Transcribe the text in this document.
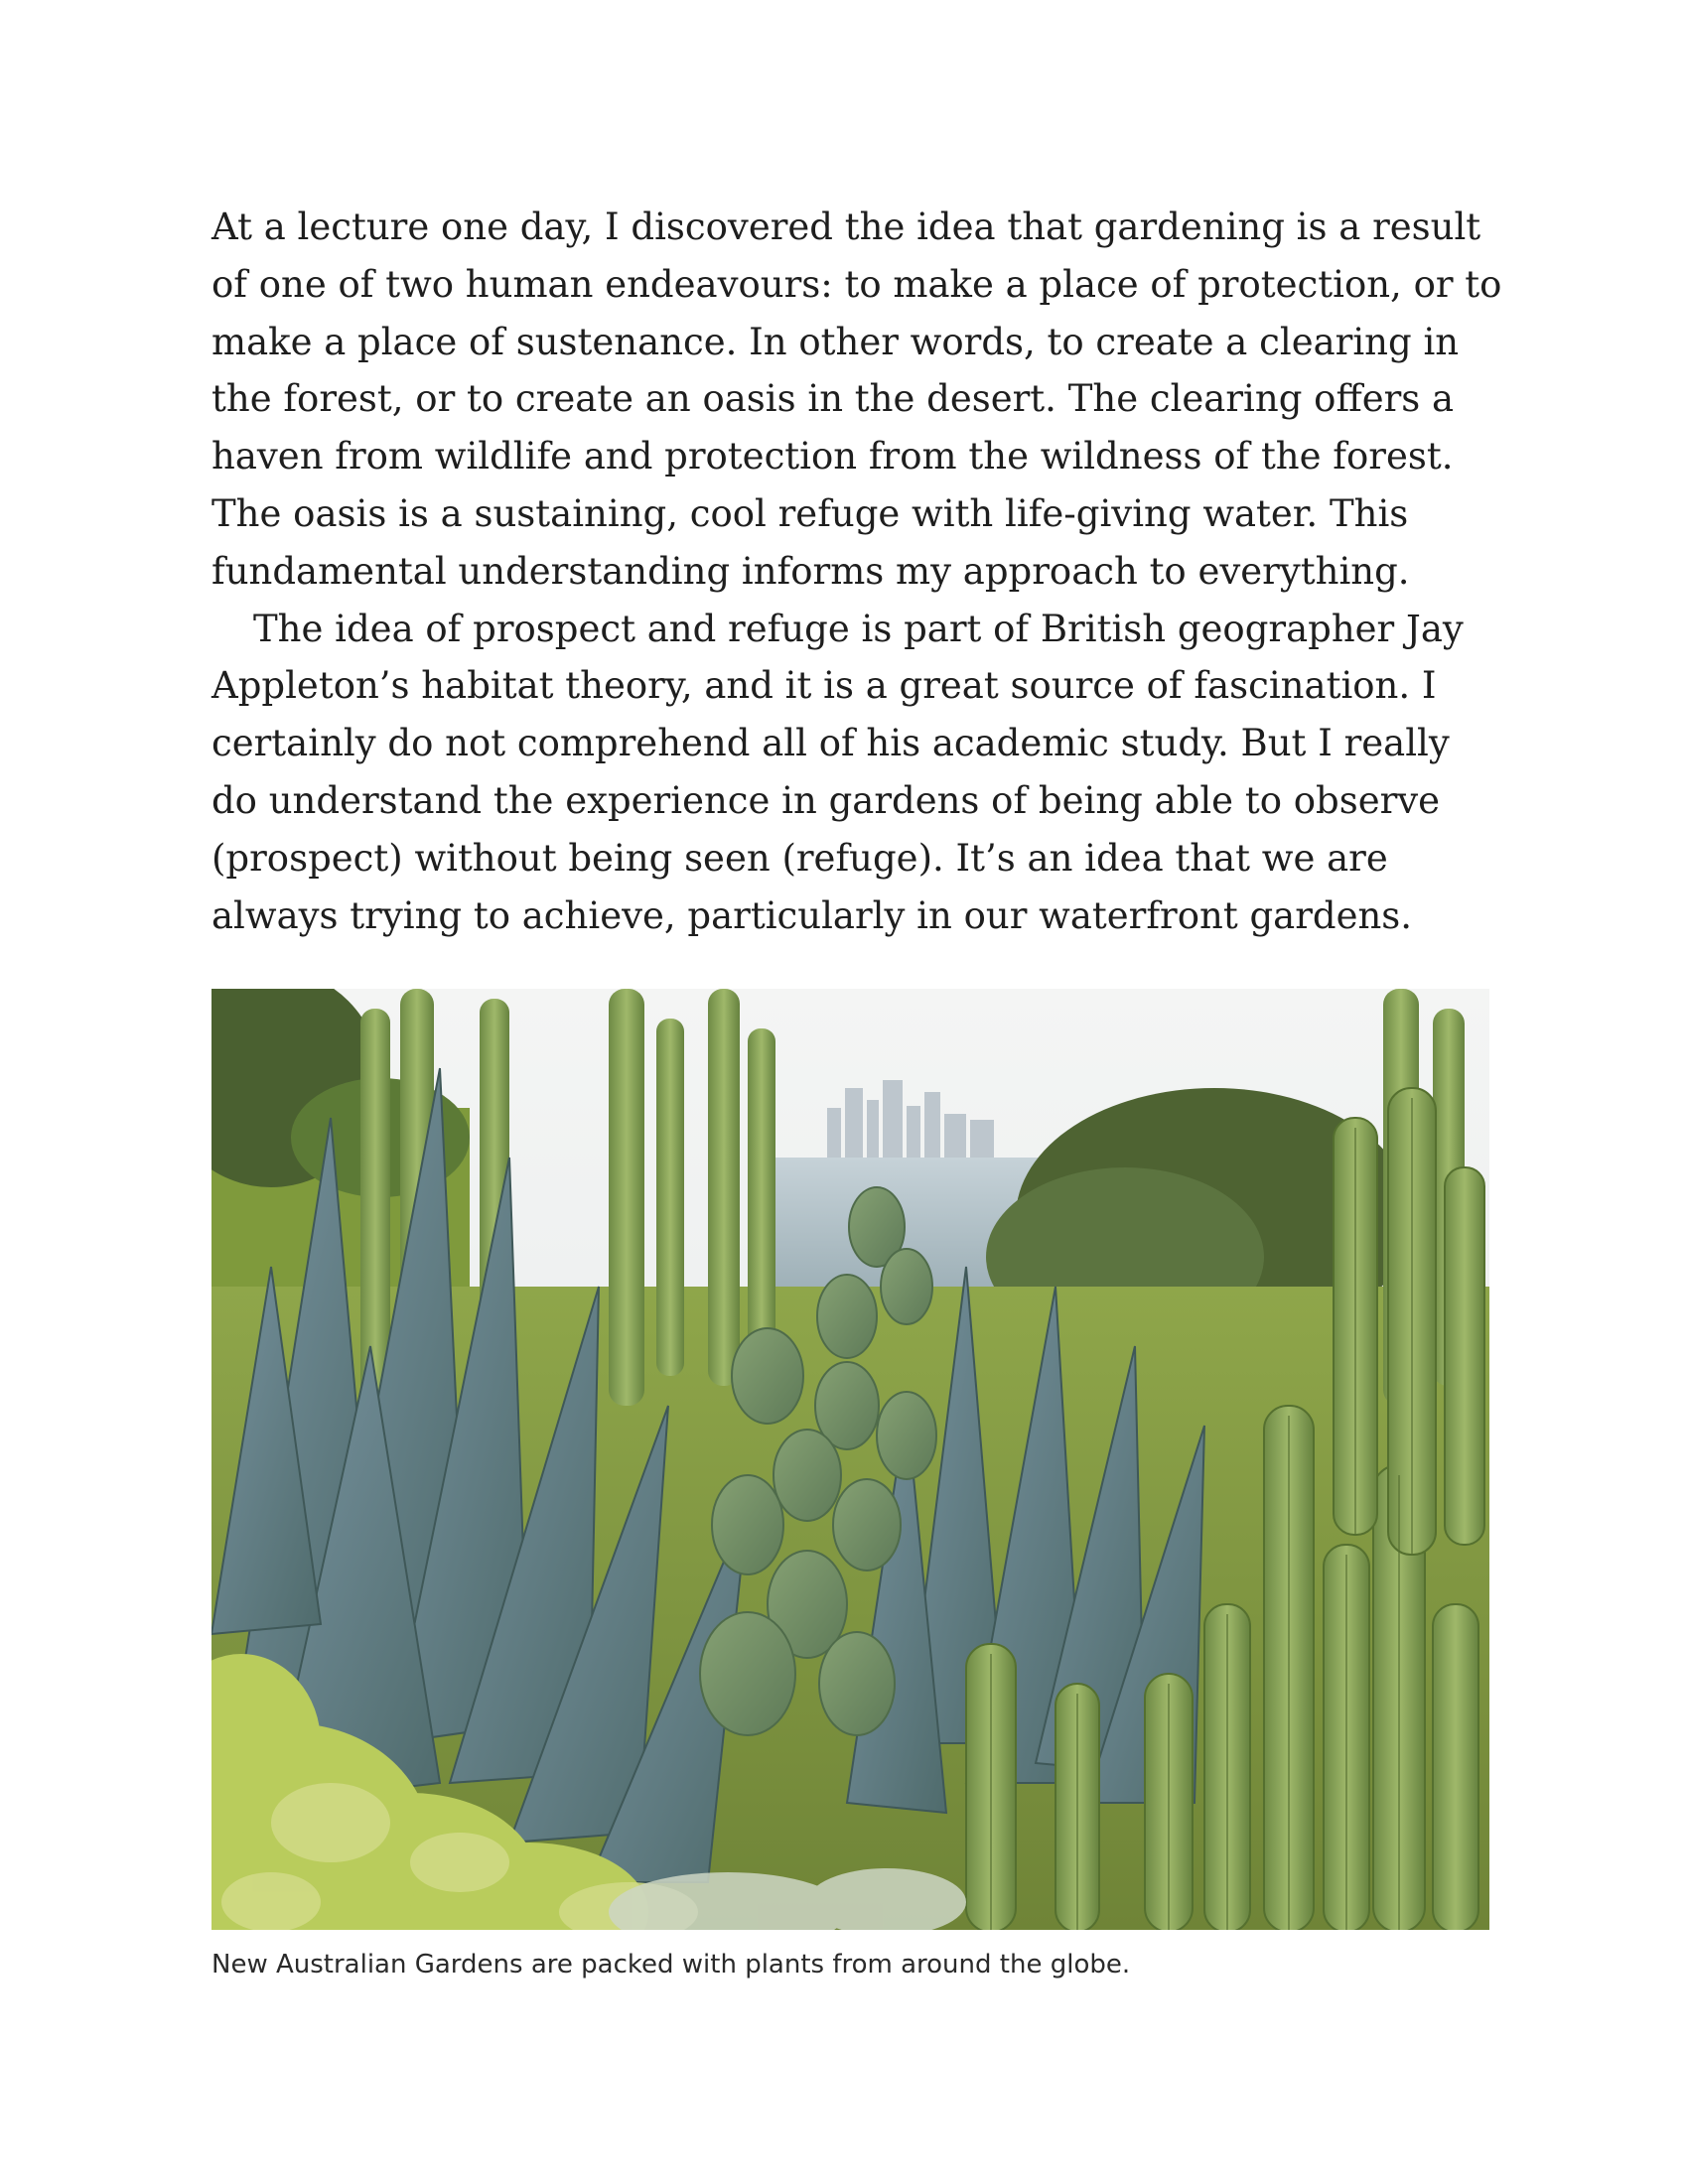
At a lecture one day, I discovered the idea that gardening is a result of one of two human endeavours: to make a place of protection, or to make a place of sustenance. In other words, to create a clearing in the forest, or to create an oasis in the desert. The clearing offers a haven from wildlife and protection from the wildness of the forest. The oasis is a sustaining, cool refuge with life-giving water. This fundamental understanding informs my approach to everything.

The idea of prospect and refuge is part of British geographer Jay Appleton’s habitat theory, and it is a great source of fascination. I certainly do not comprehend all of his academic study. But I really do understand the experience in gardens of being able to observe (prospect) without being seen (refuge). It’s an idea that we are always trying to achieve, particularly in our waterfront gardens.

New Australian Gardens are packed with plants from around the globe.
